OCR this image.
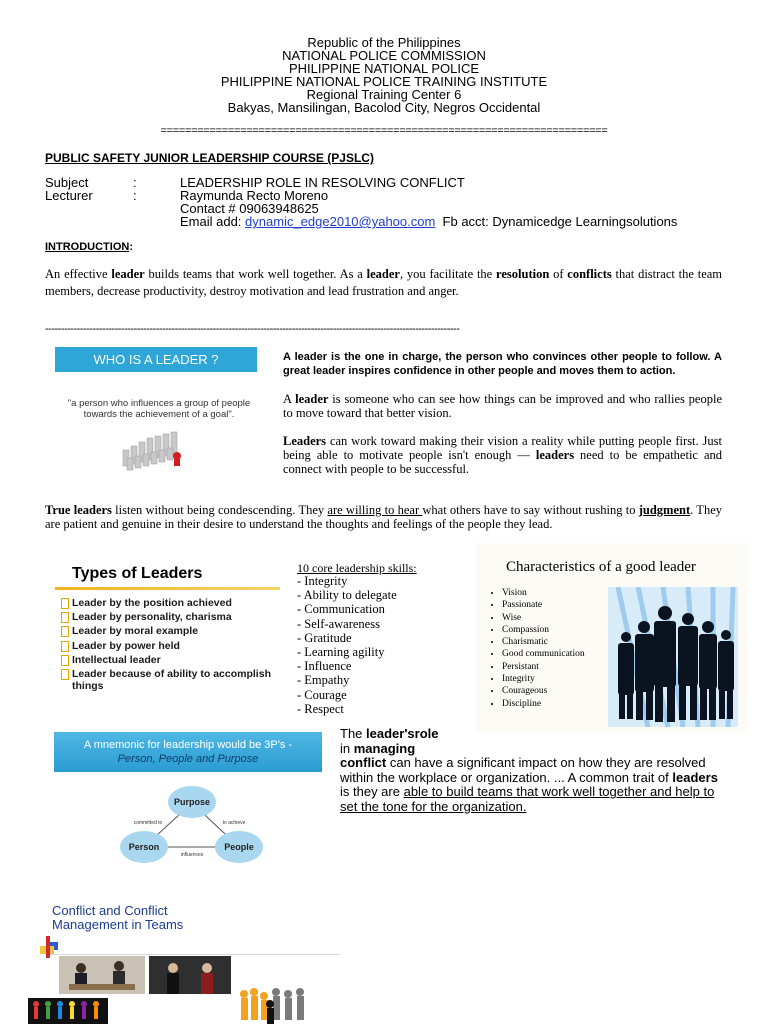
Republic of the Philippines
NATIONAL POLICE COMMISSION
PHILIPPINE NATIONAL POLICE
PHILIPPINE NATIONAL POLICE TRAINING INSTITUTE
Regional Training Center 6
Bakyas, Mansilingan, Bacolod City, Negros Occidental
=========================================================================
PUBLIC SAFETY JUNIOR LEADERSHIP COURSE (PJSLC)
Subject	:	LEADERSHIP ROLE IN RESOLVING CONFLICT
Lecturer	:	Raymunda Recto Moreno
Contact # 09063948625
Email add: dynamic_edge2010@yahoo.com Fb acct: Dynamicedge Learningsolutions
INTRODUCTION:

An effective leader builds teams that work well together. As a leader, you facilitate the resolution of conflicts that distract the team members, decrease productivity, destroy motivation and lead frustration and anger.

-----------------------------------------------------------------------------------------------------------------------------------
WHO IS A LEADER ?
"a person who influences a group of people towards the achievement of a goal".

A leader is the one in charge, the person who convinces other people to follow. A great leader inspires confidence in other people and moves them to action.

A leader is someone who can see how things can be improved and who rallies people to move toward that better vision.

Leaders can work toward making their vision a reality while putting people first. Just being able to motivate people isn't enough — leaders need to be empathetic and connect with people to be successful.

True leaders listen without being condescending. They are willing to hear what others have to say without rushing to judgment. They are patient and genuine in their desire to understand the thoughts and feelings of the people they lead.

Types of Leaders
Leader by the position achieved
Leader by personality, charisma
Leader by moral example
Leader by power held
Intellectual leader
Leader because of ability to accomplish things
10 core leadership skills:
- Integrity
- Ability to delegate
- Communication
- Self-awareness
- Gratitude
- Learning agility
- Influence
- Empathy
- Courage
- Respect
Characteristics of a good leader
• Vision
• Passionate
• Wise
• Compassion
• Charismatic
• Good communication
• Persistant
• Integrity
• Courageous
• Discipline
A mnemonic for leadership would be 3P's -
Person, People and Purpose
Purpose
Person	People
committed to	to achieve
influences

The leader'srole
in managing
conflict can have a significant impact on how they are resolved within the workplace or organization. ... A common trait of leaders is they are able to build teams that work well together and help to set the tone for the organization.

Conflict and Conflict
Management in Teams
